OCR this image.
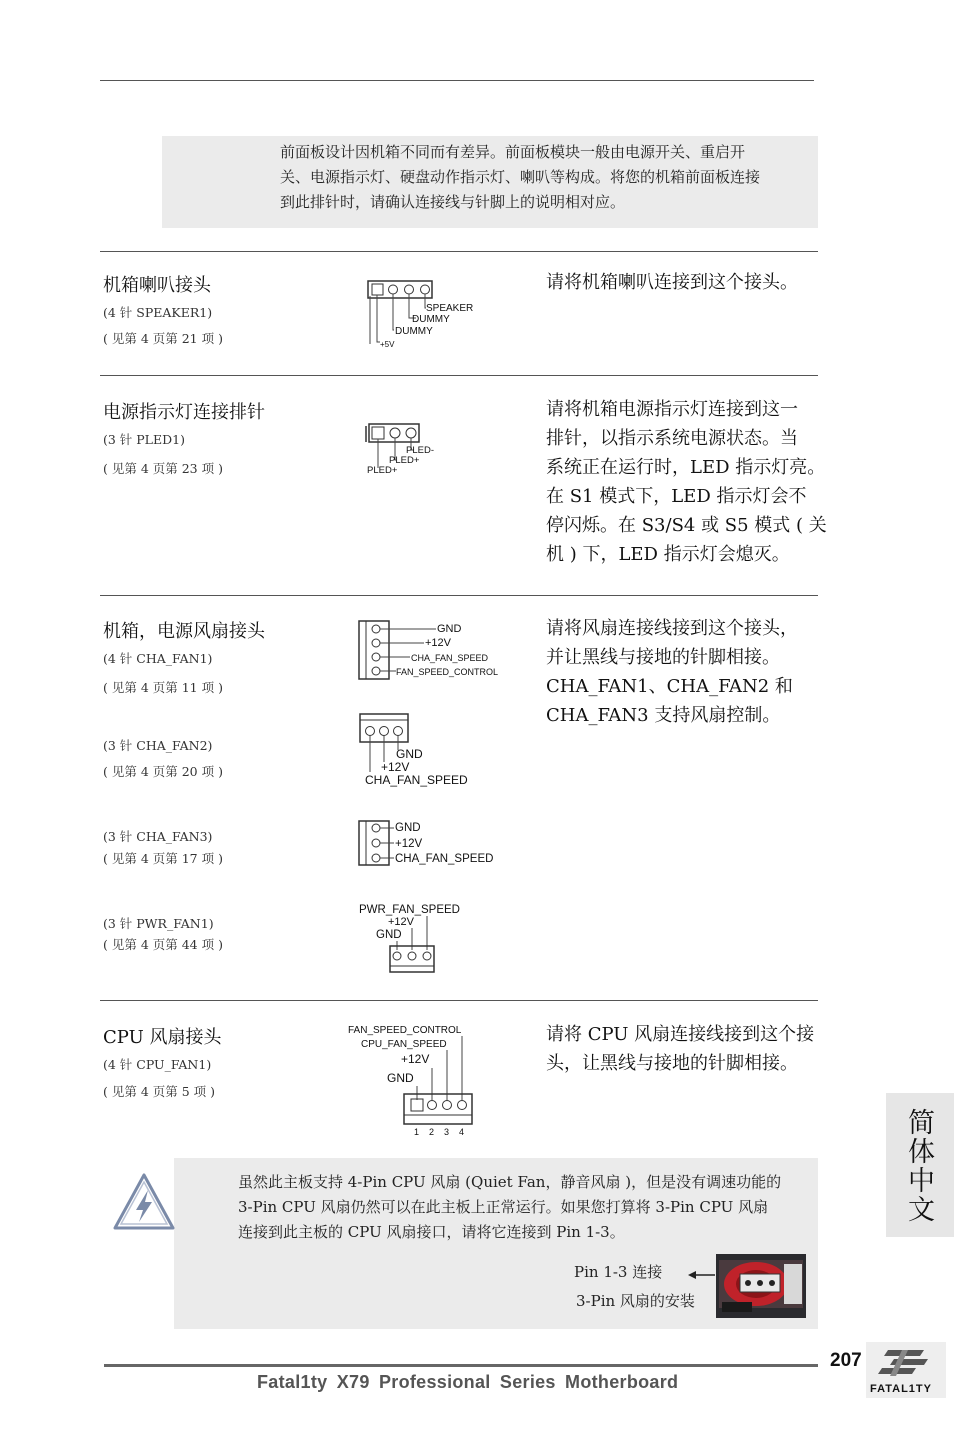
前面板设计因机箱不同而有差异。前面板模块一般由电源开关、重启开
关、电源指示灯、硬盘动作指示灯、喇叭等构成。将您的机箱前面板连接
到此排针时，请确认连接线与针脚上的说明相对应。
机箱喇叭接头
(4 针 SPEAKER1)
( 见第 4 页第 21 项 )
请将机箱喇叭连接到这个接头。
SPEAKER
DUMMY
DUMMY
+5V
电源指示灯连接排针
(3 针 PLED1)
( 见第 4 页第 23 项 )
请将机箱电源指示灯连接到这一
排针，以指示系统电源状态。当
系统正在运行时，LED 指示灯亮。
在 S1 模式下，LED 指示灯会不
停闪烁。在 S3/S4 或 S5 模式 ( 关
机 ) 下，LED 指示灯会熄灭。
PLED-
PLED+
PLED+
机箱，电源风扇接头
(4 针 CHA_FAN1)
( 见第 4 页第 11 项 )
(3 针 CHA_FAN2)
( 见第 4 页第 20 项 )
(3 针 CHA_FAN3)
( 见第 4 页第 17 项 )
(3 针 PWR_FAN1)
( 见第 4 页第 44 项 )
请将风扇连接线接到这个接头，
并让黑线与接地的针脚相接。
CHA_FAN1、CHA_FAN2 和
CHA_FAN3 支持风扇控制。
GND
+12V
CHA_FAN_SPEED
FAN_SPEED_CONTROL
GND
+12V
CHA_FAN_SPEED
GND
+12V
CHA_FAN_SPEED
PWR_FAN_SPEED
+12V
GND
CPU 风扇接头
(4 针 CPU_FAN1)
( 见第 4 页第 5 项 )
请将 CPU 风扇连接线接到这个接
头，让黑线与接地的针脚相接。
FAN_SPEED_CONTROL
CPU_FAN_SPEED
+12V
GND
1 2 3 4
虽然此主板支持 4-Pin CPU 风扇 (Quiet Fan，静音风扇 )，但是没有调速功能的
3-Pin CPU 风扇仍然可以在此主板上正常运行。如果您打算将 3-Pin CPU 风扇
连接到此主板的 CPU 风扇接口，请将它连接到 Pin 1-3。
Pin 1-3 连接
3-Pin 风扇的安装
简体中文
207
Fatal1ty X79 Professional Series Motherboard	FATAL1TY
